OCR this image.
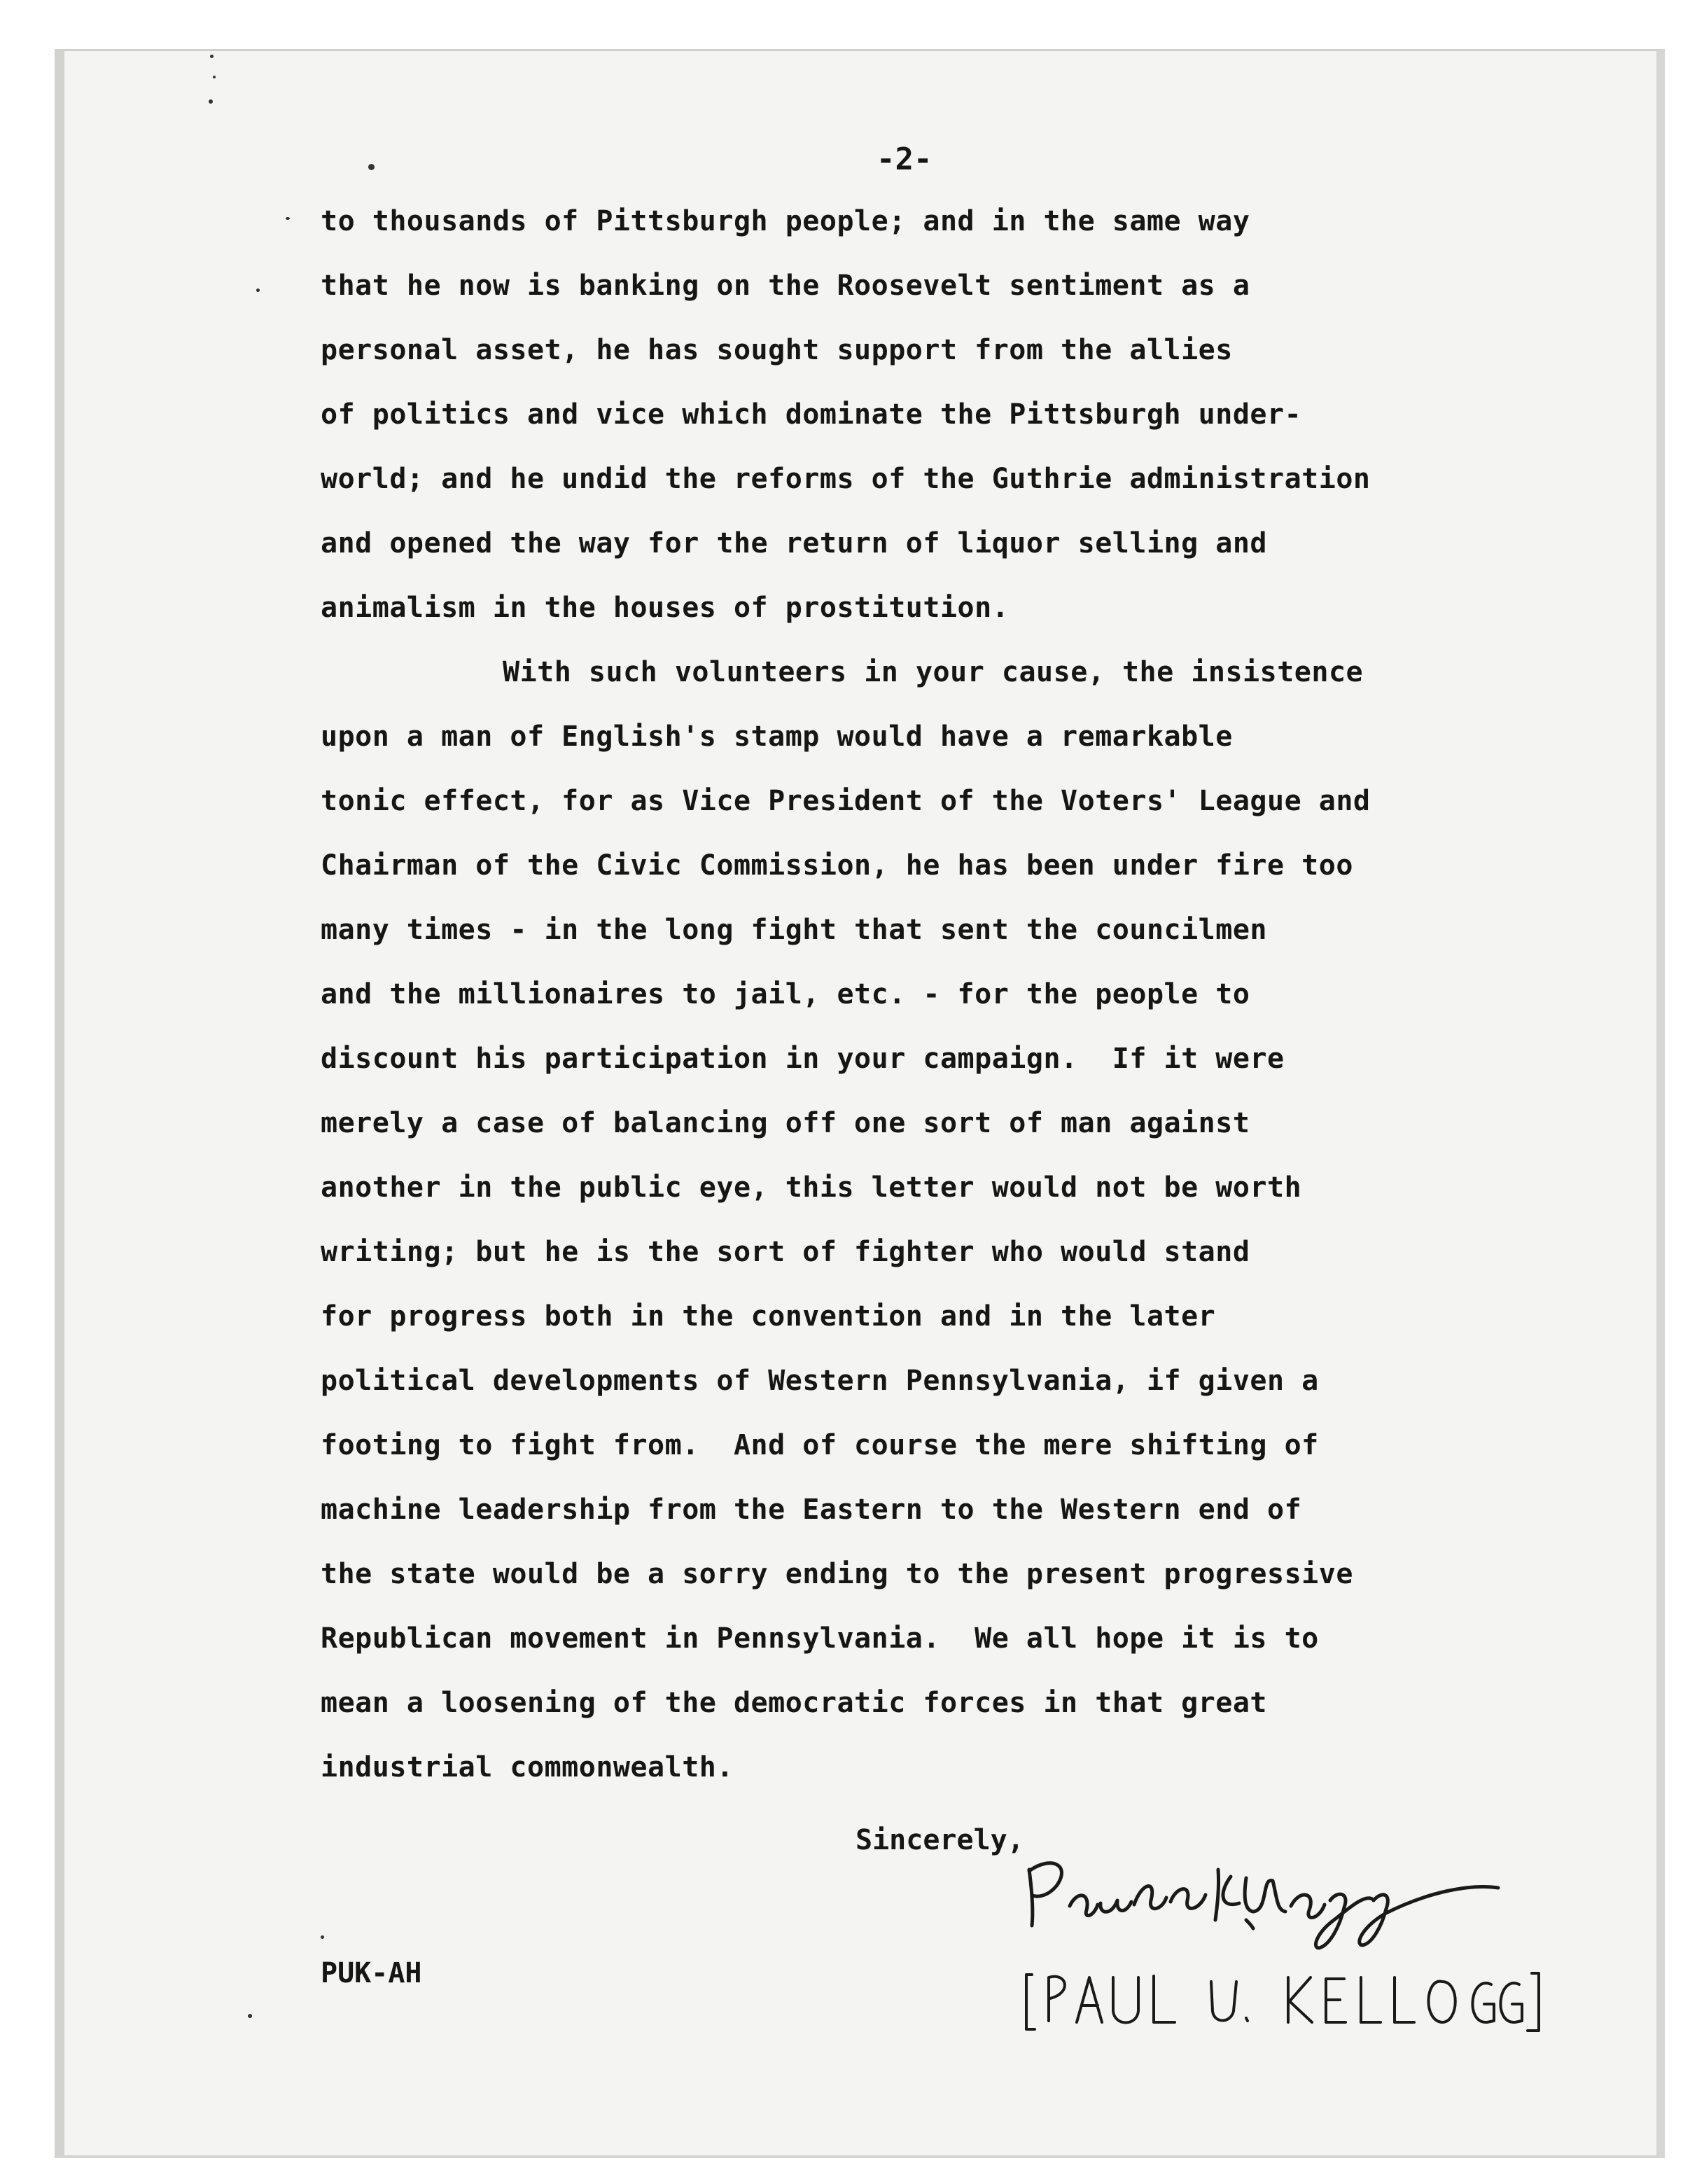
-2-
to thousands of Pittsburgh people; and in the same way
that he now is banking on the Roosevelt sentiment as a
personal asset, he has sought support from the allies
of politics and vice which dominate the Pittsburgh under-
world; and he undid the reforms of the Guthrie administration
and opened the way for the return of liquor selling and
animalism in the houses of prostitution.
With such volunteers in your cause, the insistence
upon a man of English's stamp would have a remarkable
tonic effect, for as Vice President of the Voters' League and
Chairman of the Civic Commission, he has been under fire too
many times - in the long fight that sent the councilmen
and the millionaires to jail, etc. - for the people to
discount his participation in your campaign.  If it were
merely a case of balancing off one sort of man against
another in the public eye, this letter would not be worth
writing; but he is the sort of fighter who would stand
for progress both in the convention and in the later
political developments of Western Pennsylvania, if given a
footing to fight from.  And of course the mere shifting of
machine leadership from the Eastern to the Western end of
the state would be a sorry ending to the present progressive
Republican movement in Pennsylvania.  We all hope it is to
mean a loosening of the democratic forces in that great
industrial commonwealth.
Sincerely,
PUK-AH
